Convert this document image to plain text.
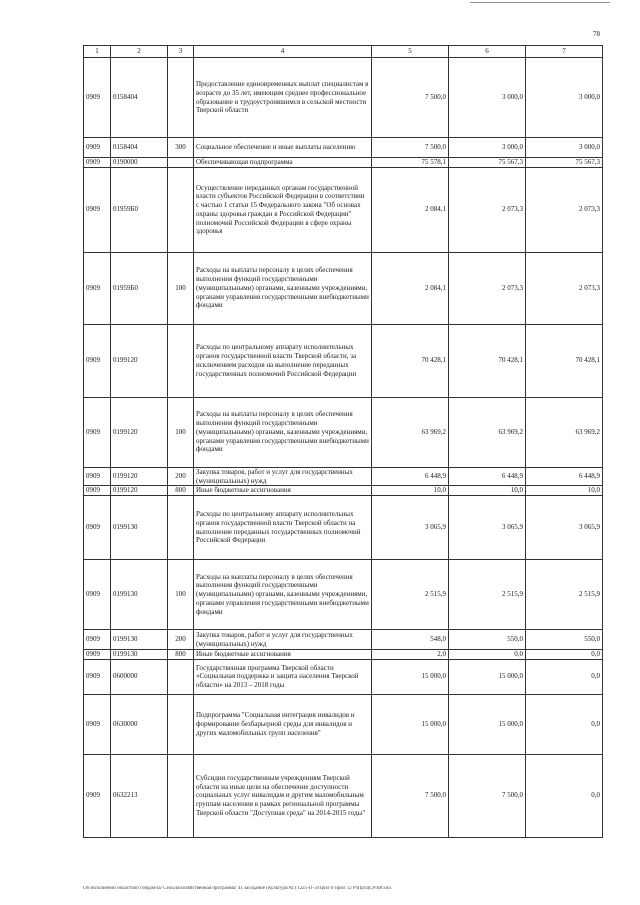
78
1	2	3	4	5	6	7
0909	0158404		Предоставление единовременных выплат специалистам в возрасте до 35 лет, имеющим среднее профессиональное образование и трудоустроившимся в сельской местности Тверской области	7 500,0	3 000,0	3 000,0
0909	0158404	300	Социальное обеспечение и иные выплаты населению	7 500,0	3 000,0	3 000,0
0909	0190000		Обеспечивающая подпрограмма	75 578,1	75 567,3	75 567,3
0909	01959Б0		Осуществление переданных органам государственной власти субъектов Российской Федерации в соответствии с частью 1 статьи 15 Федерального закона "Об основах охраны здоровья граждан в Российской Федерации" полномочий Российской Федерации в сфере охраны здоровья	2 084,1	2 073,3	2 073,3
0909	01959Б0	100	Расходы на выплаты персоналу в целях обеспечения выполнения функций государственными (муниципальными) органами, казенными учреждениями, органами управления государственными внебюджетными фондами	2 084,1	2 073,3	2 073,3
0909	0199120		Расходы по центральному аппарату исполнительных органов государственной власти Тверской области, за исключением расходов на выполнение переданных государственных полномочий Российской Федерации	70 428,1	70 428,1	70 428,1
0909	0199120	100	Расходы на выплаты персоналу в целях обеспечения выполнения функций государственными (муниципальными) органами, казенными учреждениями, органами управления государственными внебюджетными фондами	63 969,2	63 969,2	63 969,2
0909	0199120	200	Закупка товаров, работ и услуг для государственных (муниципальных) нужд	6 448,9	6 448,9	6 448,9
0909	0199120	800	Иные бюджетные ассигнования	10,0	10,0	10,0
0909	0199130		Расходы по центральному аппарату исполнительных органов государственной власти Тверской области на выполнение переданных государственных полномочий Российской Федерации	3 065,9	3 065,9	3 065,9
0909	0199130	100	Расходы на выплаты персоналу в целях обеспечения выполнения функций государственными (муниципальными) органами, казенными учреждениями, органами управления государственными внебюджетными фондами	2 515,9	2 515,9	2 515,9
0909	0199130	200	Закупка товаров, работ и услуг для государственных (муниципальных) нужд	548,0	550,0	550,0
0909	0199130	800	Иные бюджетные ассигнования	2,0	0,0	0,0
0909	0600000		Государственная программа Тверской области «Социальная поддержка и защита населения Тверской области» на 2013 – 2018 годы	15 000,0	15 000,0	0,0
0909	0630000		Подпрограмма "Социальная интеграция инвалидов и формирование безбарьерной среды для инвалидов и других маломобильных групп населения"	15 000,0	15 000,0	0,0
0909	0632213		Субсидии государственным учреждениям Тверской области на иные цели на обеспечение доступности социальных услуг инвалидам и другим маломобильным группам населения в рамках региональной программы Тверской области "Доступная среда" на 2014-2015 годы"	7 500,0	7 500,0	0,0
Об исполнении областного бюджета/ Сельскохозяйственная программа/ 41 заседание (Культура/Ас) 1225-П-3/Прил 6 Прил 12 РзПр/ЦСР/ВР.xlsx
